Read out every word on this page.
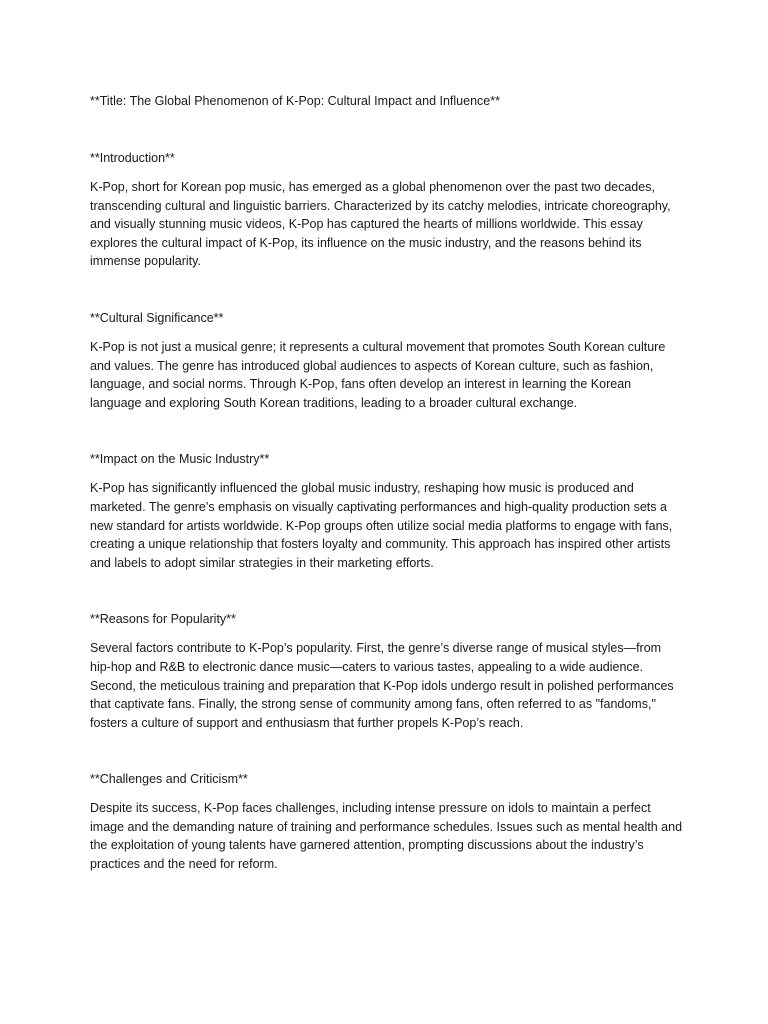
**Title: The Global Phenomenon of K-Pop: Cultural Impact and Influence**

**Introduction**

K-Pop, short for Korean pop music, has emerged as a global phenomenon over the past two decades, transcending cultural and linguistic barriers. Characterized by its catchy melodies, intricate choreography, and visually stunning music videos, K-Pop has captured the hearts of millions worldwide. This essay explores the cultural impact of K-Pop, its influence on the music industry, and the reasons behind its immense popularity.

**Cultural Significance**

K-Pop is not just a musical genre; it represents a cultural movement that promotes South Korean culture and values. The genre has introduced global audiences to aspects of Korean culture, such as fashion, language, and social norms. Through K-Pop, fans often develop an interest in learning the Korean language and exploring South Korean traditions, leading to a broader cultural exchange.

**Impact on the Music Industry**

K-Pop has significantly influenced the global music industry, reshaping how music is produced and marketed. The genre’s emphasis on visually captivating performances and high-quality production sets a new standard for artists worldwide. K-Pop groups often utilize social media platforms to engage with fans, creating a unique relationship that fosters loyalty and community. This approach has inspired other artists and labels to adopt similar strategies in their marketing efforts.

**Reasons for Popularity**

Several factors contribute to K-Pop’s popularity. First, the genre’s diverse range of musical styles—from hip-hop and R&B to electronic dance music—caters to various tastes, appealing to a wide audience. Second, the meticulous training and preparation that K-Pop idols undergo result in polished performances that captivate fans. Finally, the strong sense of community among fans, often referred to as "fandoms," fosters a culture of support and enthusiasm that further propels K-Pop’s reach.

**Challenges and Criticism**

Despite its success, K-Pop faces challenges, including intense pressure on idols to maintain a perfect image and the demanding nature of training and performance schedules. Issues such as mental health and the exploitation of young talents have garnered attention, prompting discussions about the industry’s practices and the need for reform.
